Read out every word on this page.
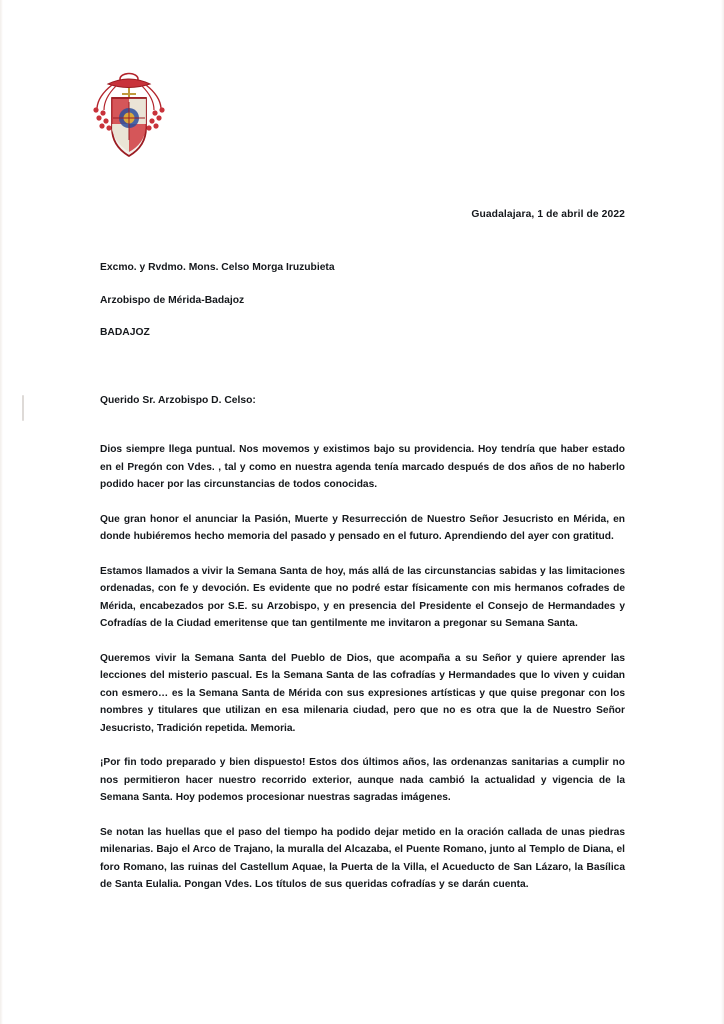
Guadalajara, 1 de abril de 2022
Excmo. y Rvdmo. Mons. Celso Morga Iruzubieta
Arzobispo de Mérida-Badajoz
BADAJOZ
Querido Sr. Arzobispo D. Celso:

Dios siempre llega puntual. Nos movemos y existimos bajo su providencia. Hoy tendría que haber estado en el Pregón con Vdes. , tal y como en nuestra agenda tenía marcado después de dos años de no haberlo podido hacer por las circunstancias de todos conocidas.

Que gran honor el anunciar la Pasión, Muerte y Resurrección de Nuestro Señor Jesucristo en Mérida, en donde hubiéremos hecho memoria del pasado y pensado en el futuro. Aprendiendo del ayer con gratitud.

Estamos llamados a vivir la Semana Santa de hoy, más allá de las circunstancias sabidas y las limitaciones ordenadas, con fe y devoción. Es evidente que no podré estar físicamente con mis hermanos cofrades de Mérida, encabezados por S.E. su Arzobispo, y en presencia del Presidente el Consejo de Hermandades y Cofradías de la Ciudad emeritense que tan gentilmente me invitaron a pregonar su Semana Santa.

Queremos vivir la Semana Santa del Pueblo de Dios, que acompaña a su Señor y quiere aprender las lecciones del misterio pascual. Es la Semana Santa de las cofradías y Hermandades que lo viven y cuidan con esmero… es la Semana Santa de Mérida con sus expresiones artísticas y que quise pregonar con los nombres y titulares que utilizan en esa milenaria ciudad, pero que no es otra que la de Nuestro Señor Jesucristo, Tradición repetida. Memoria.

¡Por fin todo preparado y bien dispuesto! Estos dos últimos años, las ordenanzas sanitarias a cumplir no nos permitieron hacer nuestro recorrido exterior, aunque nada cambió la actualidad y vigencia de la Semana Santa. Hoy podemos procesionar nuestras sagradas imágenes.

Se notan las huellas que el paso del tiempo ha podido dejar metido en la oración callada de unas piedras milenarias. Bajo el Arco de Trajano, la muralla del Alcazaba, el Puente Romano, junto al Templo de Diana, el foro Romano, las ruinas del Castellum Aquae, la Puerta de la Villa, el Acueducto de San Lázaro, la Basílica de Santa Eulalia. Pongan Vdes. Los títulos de sus queridas cofradías y se darán cuenta.
